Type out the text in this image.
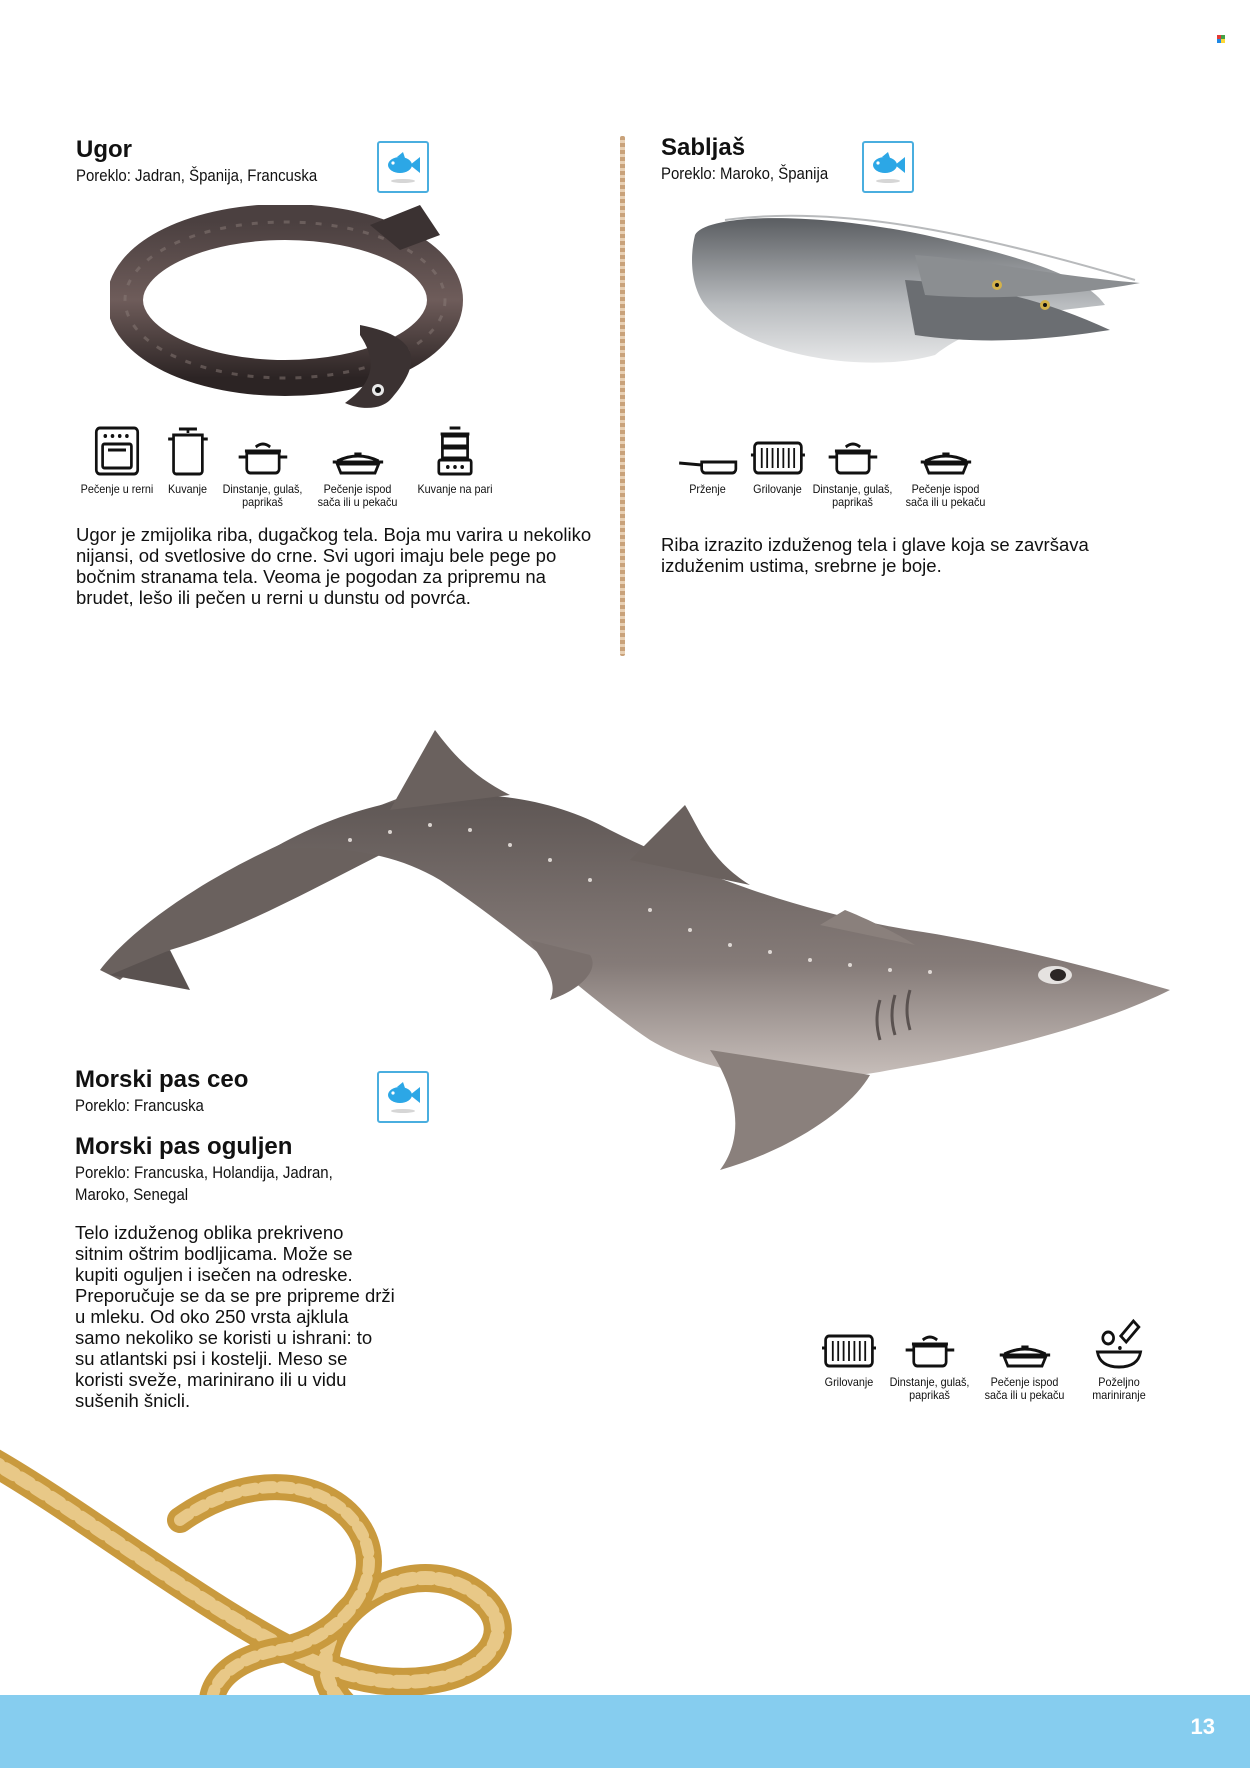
Ugor
Poreklo: Jadran, Španija, Francuska
Pečenje u rerni	Kuvanje	Dinstanje, gulaš,
paprikaš
Pečenje ispod
sača ili u pekaču
Kuvanje na pari

Ugor je zmijolika riba, dugačkog tela. Boja mu varira u nekoliko nijansi, od svetlosive do crne. Svi ugori imaju bele pege po bočnim stranama tela. Veoma je pogodan za pripremu na brudet, lešo ili pečen u rerni u dunstu od povrća.

Sabljaš
Poreklo: Maroko, Španija
Prženje	Grilovanje Dinstanje, gulaš,
paprikaš
Pečenje ispod
sača ili u pekaču

Riba izrazito izduženog tela i glave koja se završava izduženim ustima, srebrne je boje.

Morski pas ceo
Poreklo: Francuska
Morski pas oguljen
Poreklo: Francuska, Holandija, Jadran,
Maroko, Senegal

Telo izduženog oblika prekriveno sitnim oštrim bodljicama. Može se kupiti oguljen i isečen na odreske. Preporučuje se da se pre pripreme drži u mleku. Od oko 250 vrsta ajklula samo nekoliko se koristi u ishrani: to su atlantski psi i kostelji. Meso se koristi sveže, marinirano ili u vidu sušenih šnicli.

Grilovanje	Dinstanje, gulaš,
paprikaš
Pečenje ispod
sača ili u pekaču
Poželjno
mariniranje
13
